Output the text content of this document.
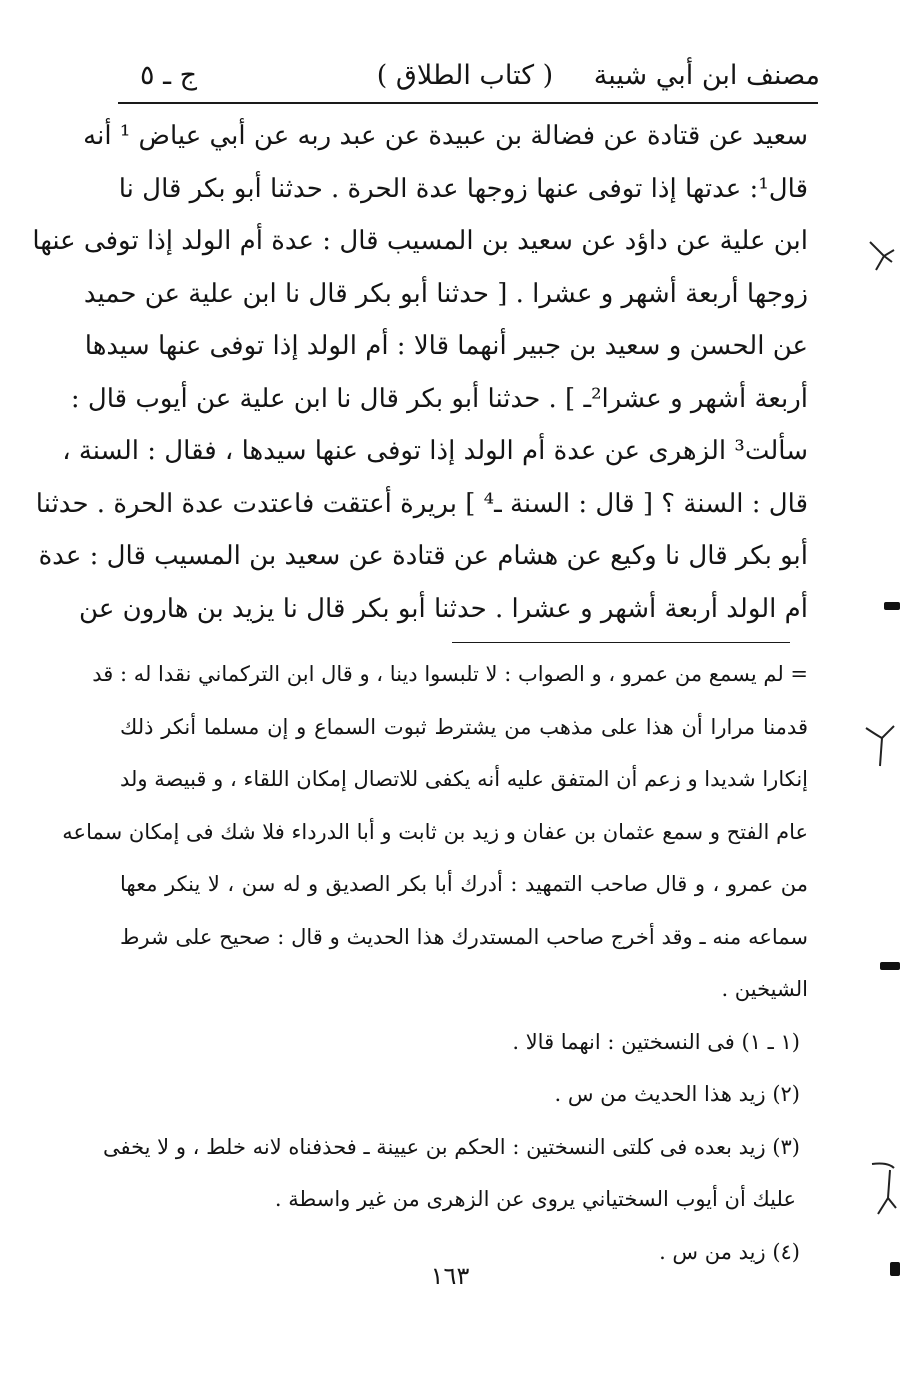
مصنف ابن أبي شيبة
( كتاب الطلاق )
ج ـ ٥
سعيد عن قتادة عن فضالة بن عبيدة عن عبد ربه عن أبي عياض ¹ أنه
قال¹: عدتها إذا توفى عنها زوجها عدة الحرة . حدثنا أبو بكر قال نا
ابن علية عن داؤد عن سعيد بن المسيب قال : عدة أم الولد إذا توفى عنها
زوجها أربعة أشهر و عشرا . [ حدثنا أبو بكر قال نا ابن علية عن حميد
عن الحسن و سعيد بن جبير أنهما قالا : أم الولد إذا توفى عنها سيدها
أربعة أشهر و عشرا²ـ ] . حدثنا أبو بكر قال نا ابن علية عن أيوب قال :
سألت³ الزهرى عن عدة أم الولد إذا توفى عنها سيدها ، فقال : السنة ،
قال : السنة ؟ [ قال : السنة ـ⁴ ] بريرة أعتقت فاعتدت عدة الحرة . حدثنا
أبو بكر قال نا وكيع عن هشام عن قتادة عن سعيد بن المسيب قال : عدة
أم الولد أربعة أشهر و عشرا . حدثنا أبو بكر قال نا يزيد بن هارون عن
= لم يسمع من عمرو ، و الصواب : لا تلبسوا دينا ، و قال ابن التركماني نقدا له : قد
قدمنا مرارا أن هذا على مذهب من يشترط ثبوت السماع و إن مسلما أنكر ذلك
إنكارا شديدا و زعم أن المتفق عليه أنه يكفى للاتصال إمكان اللقاء ، و قبيصة ولد
عام الفتح و سمع عثمان بن عفان و زيد بن ثابت و أبا الدرداء فلا شك فى إمكان سماعه
من عمرو ، و قال صاحب التمهيد : أدرك أبا بكر الصديق و له سن ، لا ينكر معها
سماعه منه ـ وقد أخرج صاحب المستدرك هذا الحديث و قال : صحيح على شرط
الشيخين .
(١ ـ ١) فى النسختين : انهما قالا .
(٢) زيد هذا الحديث من س .
(٣) زيد بعده فى كلتى النسختين : الحكم بن عيينة ـ فحذفناه لانه خلط ، و لا يخفى
عليك أن أيوب السختياني يروى عن الزهرى من غير واسطة .
(٤) زيد من س .
١٦٣
